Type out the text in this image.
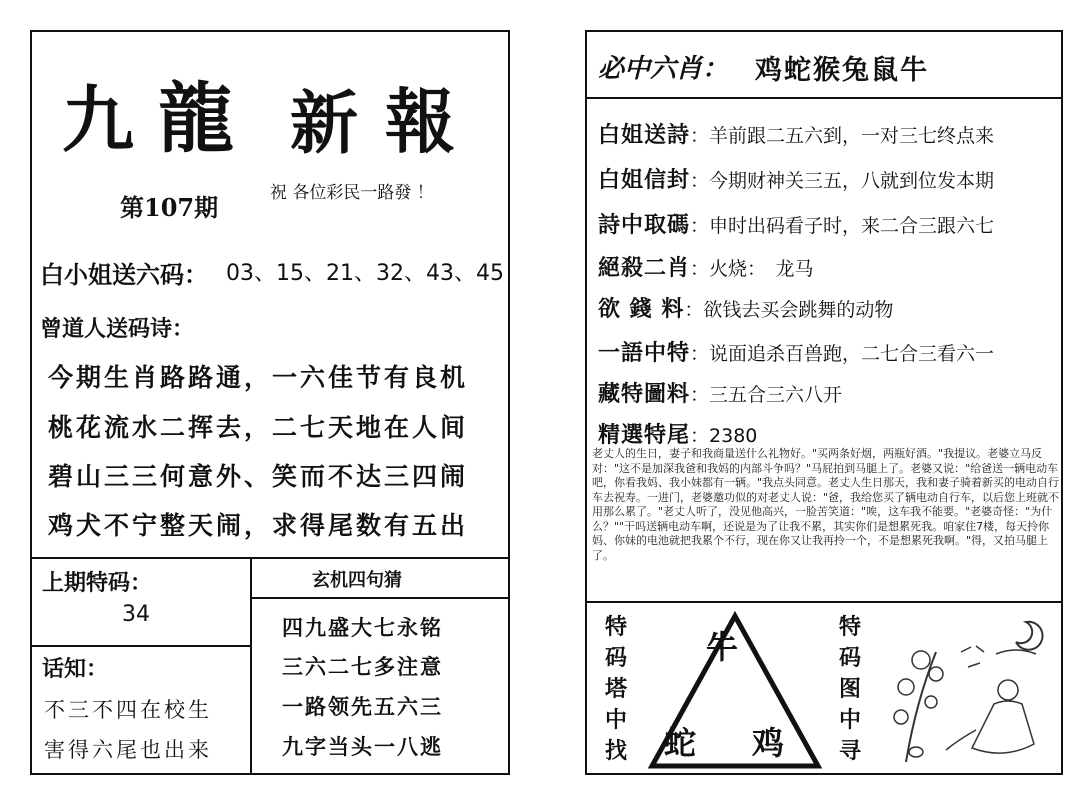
九 龍 新 報
第107期	祝 各位彩民一路發 ！
白小姐送六码： 03、15、21、32、43、45
曾道人送码诗：
今期生肖路路通，一六佳节有良机
桃花流水二挥去，二七天地在人间
碧山三三何意外、笑而不达三四闹
鸡犬不宁整天闹，求得尾数有五出
上期特码：
34
话知：
不三不四在校生
害得六尾也出来
玄机四句猜
四九盛大七永铭
三六二七多注意
一路领先五六三
九字当头一八逃
必中六肖： 鸡蛇猴兔鼠牛
白姐送詩：羊前跟二五六到，一对三七终点来
白姐信封：今期财神关三五，八就到位发本期
詩中取碼：申时出码看子时，来二合三跟六七
絕殺二肖：火烧：　龙马
欲 錢 料：欲钱去买会跳舞的动物
一語中特：说面追杀百兽跑，二七合三看六一
藏特圖料：三五合三六八开
精選特尾：2380
老丈人的生日，妻子和我商量送什么礼物好。"买两条好烟，两瓶好酒。"我提议。老婆立马反对："这不是加深我爸和我妈的内部斗争吗？"马屁拍到马腿上了。老婆又说："给爸送一辆电动车吧，你看我妈、我小妹都有一辆。"我点头同意。老丈人生日那天，我和妻子骑着新买的电动自行车去祝寿。一进门，老婆邀功似的对老丈人说："爸，我给您买了辆电动自行车，以后您上班就不用那么累了。"老丈人听了，没见他高兴，一脸苦笑道："唉，这车我不能要。"老婆奇怪："为什么？""干吗送辆电动车啊，还说是为了让我不累，其实你们是想累死我。咱家住7楼，每天拎你妈、你妹的电池就把我累个不行，现在你又让我再拎一个，不是想累死我啊。"得，又拍马腿上了。
特
码
塔
中
找
特
码
图
中
寻
牛
蛇 鸡
